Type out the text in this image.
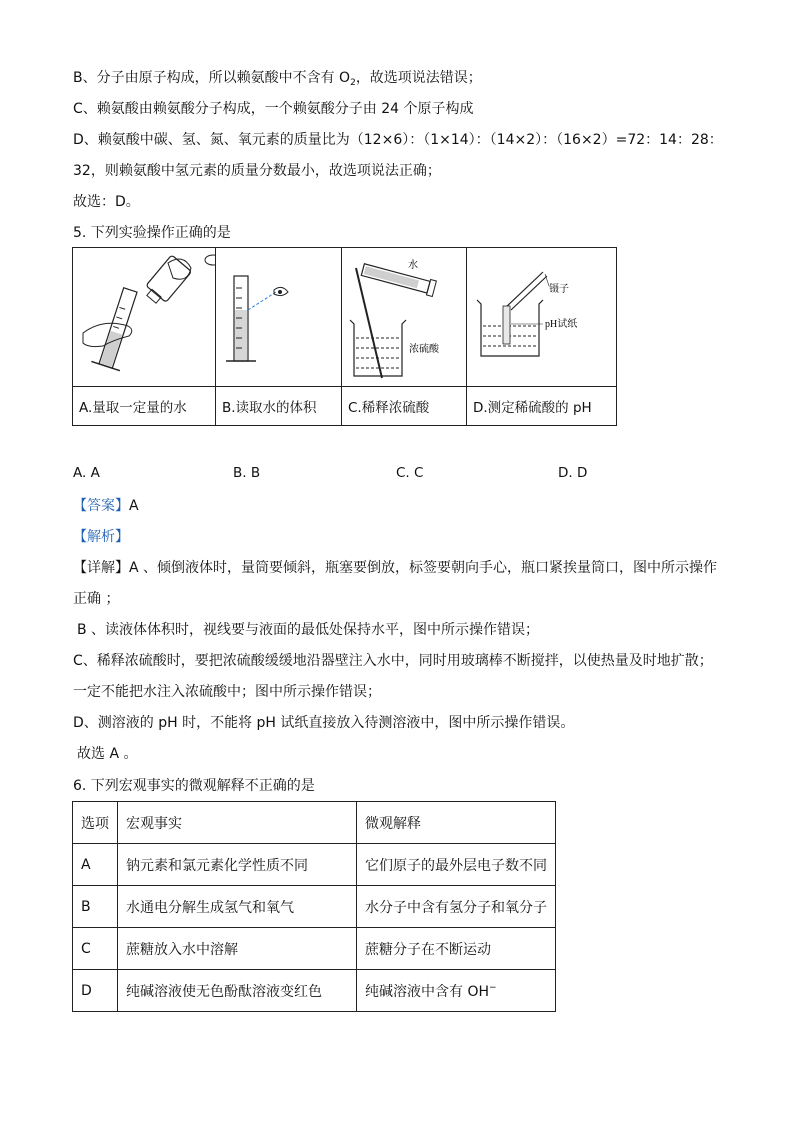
B、分子由原子构成，所以赖氨酸中不含有 $O_2$，故选项说法错误；
C、赖氨酸由赖氨酸分子构成，一个赖氨酸分子由 24 个原子构成
D、赖氨酸中碳、氢、氮、氧元素的质量比为（12×6）：（1×14）：（14×2）：（16×2）=72：14：28：
32，则赖氨酸中氢元素的质量分数最小，故选项说法正确；
故选：D。
5. 下列实验操作正确的是

水
浓硫酸	镊子
pH试纸

A.量取一定量的水	B.读取水的体积	C.稀释浓硫酸	D.测定稀硫酸的 pH
A. A	B. B	C. C	D. D
【答案】A
【解析】
【详解】A 、倾倒液体时，量筒要倾斜，瓶塞要倒放，标签要朝向手心，瓶口紧挨量筒口，图中所示操作
正确 ；
B 、读液体体积时，视线要与液面的最低处保持水平，图中所示操作错误；
C、稀释浓硫酸时，要把浓硫酸缓缓地沿器壁注入水中，同时用玻璃棒不断搅拌，以使热量及时地扩散；
一定不能把水注入浓硫酸中；图中所示操作错误；
D、测溶液的 pH 时，不能将 pH 试纸直接放入待测溶液中，图中所示操作错误。
故选 A 。
6. 下列宏观事实的微观解释不正确的是
选项	宏观事实	微观解释
A	钠元素和氯元素化学性质不同	它们原子的最外层电子数不同
B	水通电分解生成氢气和氧气	水分子中含有氢分子和氧分子
C	蔗糖放入水中溶解	蔗糖分子在不断运动
D	纯碱溶液使无色酚酞溶液变红色	纯碱溶液中含有 OH−
